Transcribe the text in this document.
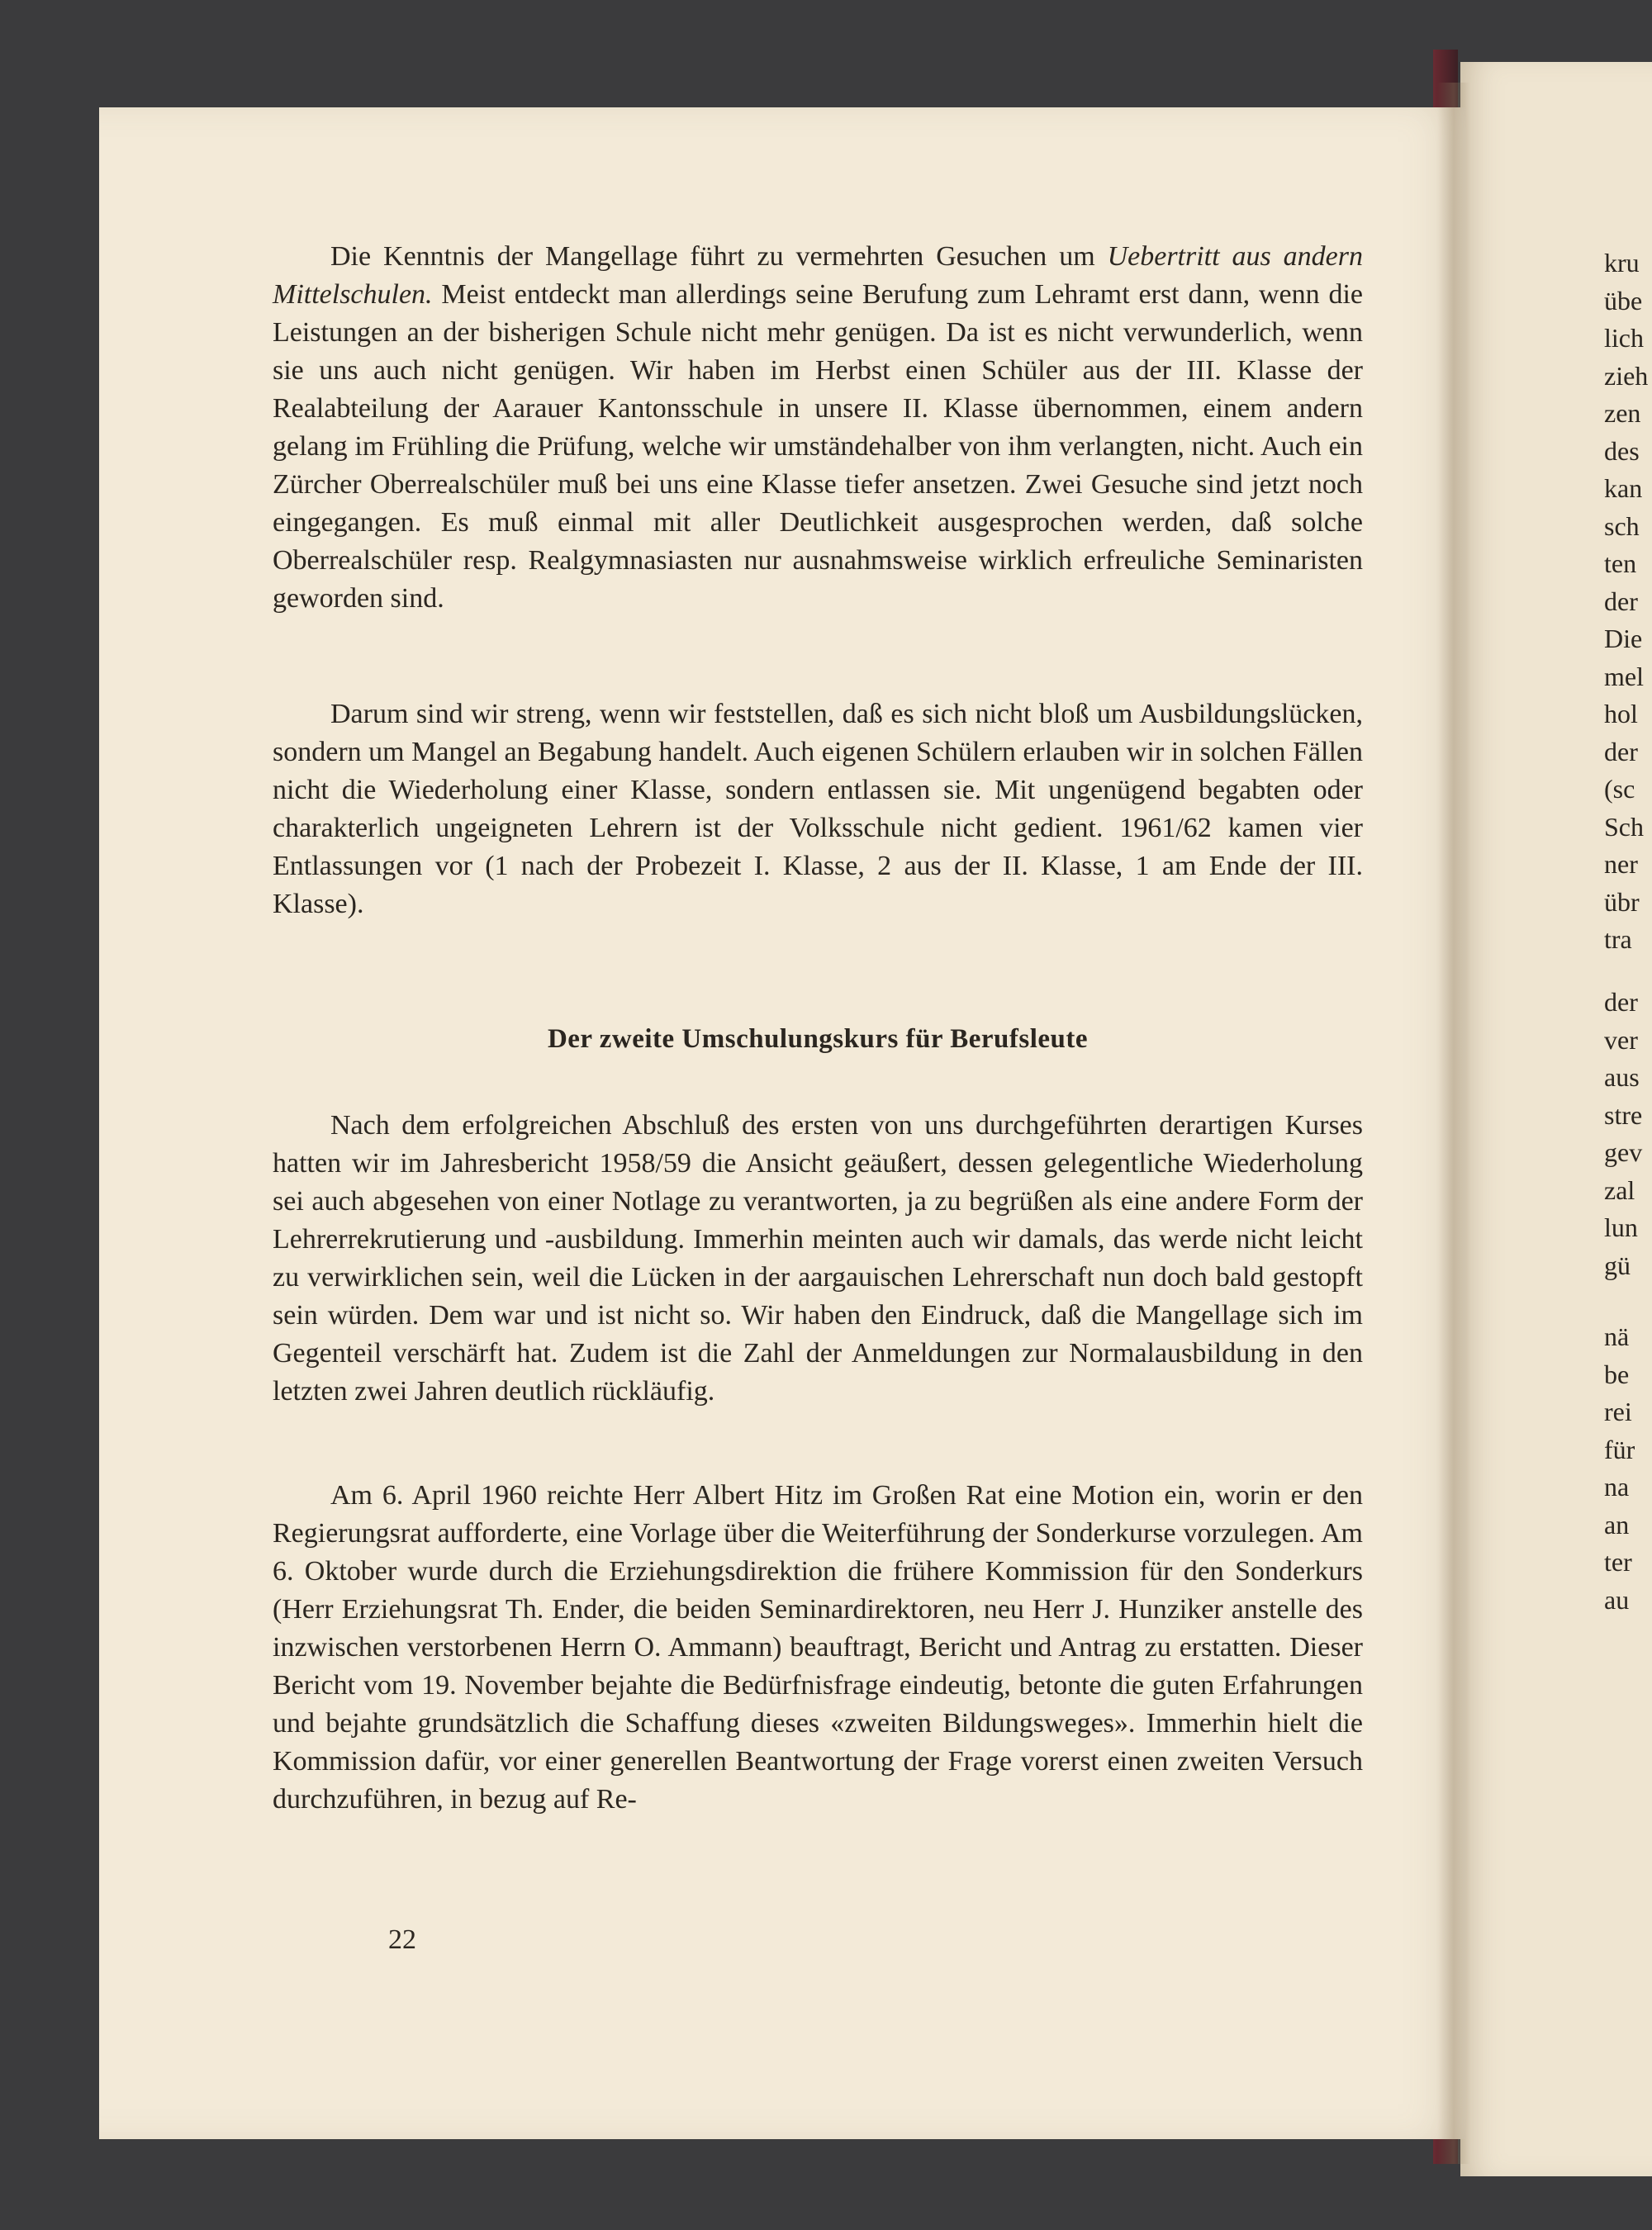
Die Kenntnis der Mangellage führt zu vermehrten Gesuchen um Uebertritt aus andern Mittelschulen. Meist entdeckt man allerdings seine Berufung zum Lehramt erst dann, wenn die Leistungen an der bisherigen Schule nicht mehr genügen. Da ist es nicht verwunderlich, wenn sie uns auch nicht genügen. Wir haben im Herbst einen Schüler aus der III. Klasse der Realabteilung der Aarauer Kantonsschule in unsere II. Klasse übernommen, einem andern gelang im Frühling die Prüfung, welche wir umständehalber von ihm verlangten, nicht. Auch ein Zürcher Oberrealschüler muß bei uns eine Klasse tiefer ansetzen. Zwei Gesuche sind jetzt noch eingegangen. Es muß einmal mit aller Deutlichkeit ausgesprochen werden, daß solche Oberrealschüler resp. Realgymnasiasten nur ausnahmsweise wirklich erfreuliche Seminaristen geworden sind.

Darum sind wir streng, wenn wir feststellen, daß es sich nicht bloß um Ausbildungslücken, sondern um Mangel an Begabung handelt. Auch eigenen Schülern erlauben wir in solchen Fällen nicht die Wiederholung einer Klasse, sondern entlassen sie. Mit ungenügend begabten oder charakterlich ungeigneten Lehrern ist der Volksschule nicht gedient. 1961/62 kamen vier Entlassungen vor (1 nach der Probezeit I. Klasse, 2 aus der II. Klasse, 1 am Ende der III. Klasse).

Der zweite Umschulungskurs für Berufsleute

Nach dem erfolgreichen Abschluß des ersten von uns durchgeführten derartigen Kurses hatten wir im Jahresbericht 1958/59 die Ansicht geäußert, dessen gelegentliche Wiederholung sei auch abgesehen von einer Notlage zu verantworten, ja zu begrüßen als eine andere Form der Lehrerrekrutierung und -ausbildung. Immerhin meinten auch wir damals, das werde nicht leicht zu verwirklichen sein, weil die Lücken in der aargauischen Lehrerschaft nun doch bald gestopft sein würden. Dem war und ist nicht so. Wir haben den Eindruck, daß die Mangellage sich im Gegenteil verschärft hat. Zudem ist die Zahl der Anmeldungen zur Normalausbildung in den letzten zwei Jahren deutlich rückläufig.

Am 6. April 1960 reichte Herr Albert Hitz im Großen Rat eine Motion ein, worin er den Regierungsrat aufforderte, eine Vorlage über die Weiterführung der Sonderkurse vorzulegen. Am 6. Oktober wurde durch die Erziehungsdirektion die frühere Kommission für den Sonderkurs (Herr Erziehungsrat Th. Ender, die beiden Seminardirektoren, neu Herr J. Hunziker anstelle des inzwischen verstorbenen Herrn O. Ammann) beauftragt, Bericht und Antrag zu erstatten. Dieser Bericht vom 19. November bejahte die Bedürfnisfrage eindeutig, betonte die guten Erfahrungen und bejahte grundsätzlich die Schaffung dieses «zweiten Bildungsweges». Immerhin hielt die Kommission dafür, vor einer generellen Beantwortung der Frage vorerst einen zweiten Versuch durchzuführen, in bezug auf Re-

22
kru
übe
lich
zieh
zen
des
kan
sch
ten
der
Die
mel
hol
der
(sc
Sch
ner
übr
tra
der
ver
aus
stre
gev
zal
lun
gü
nä
be
rei
für
na
an
ter
au
